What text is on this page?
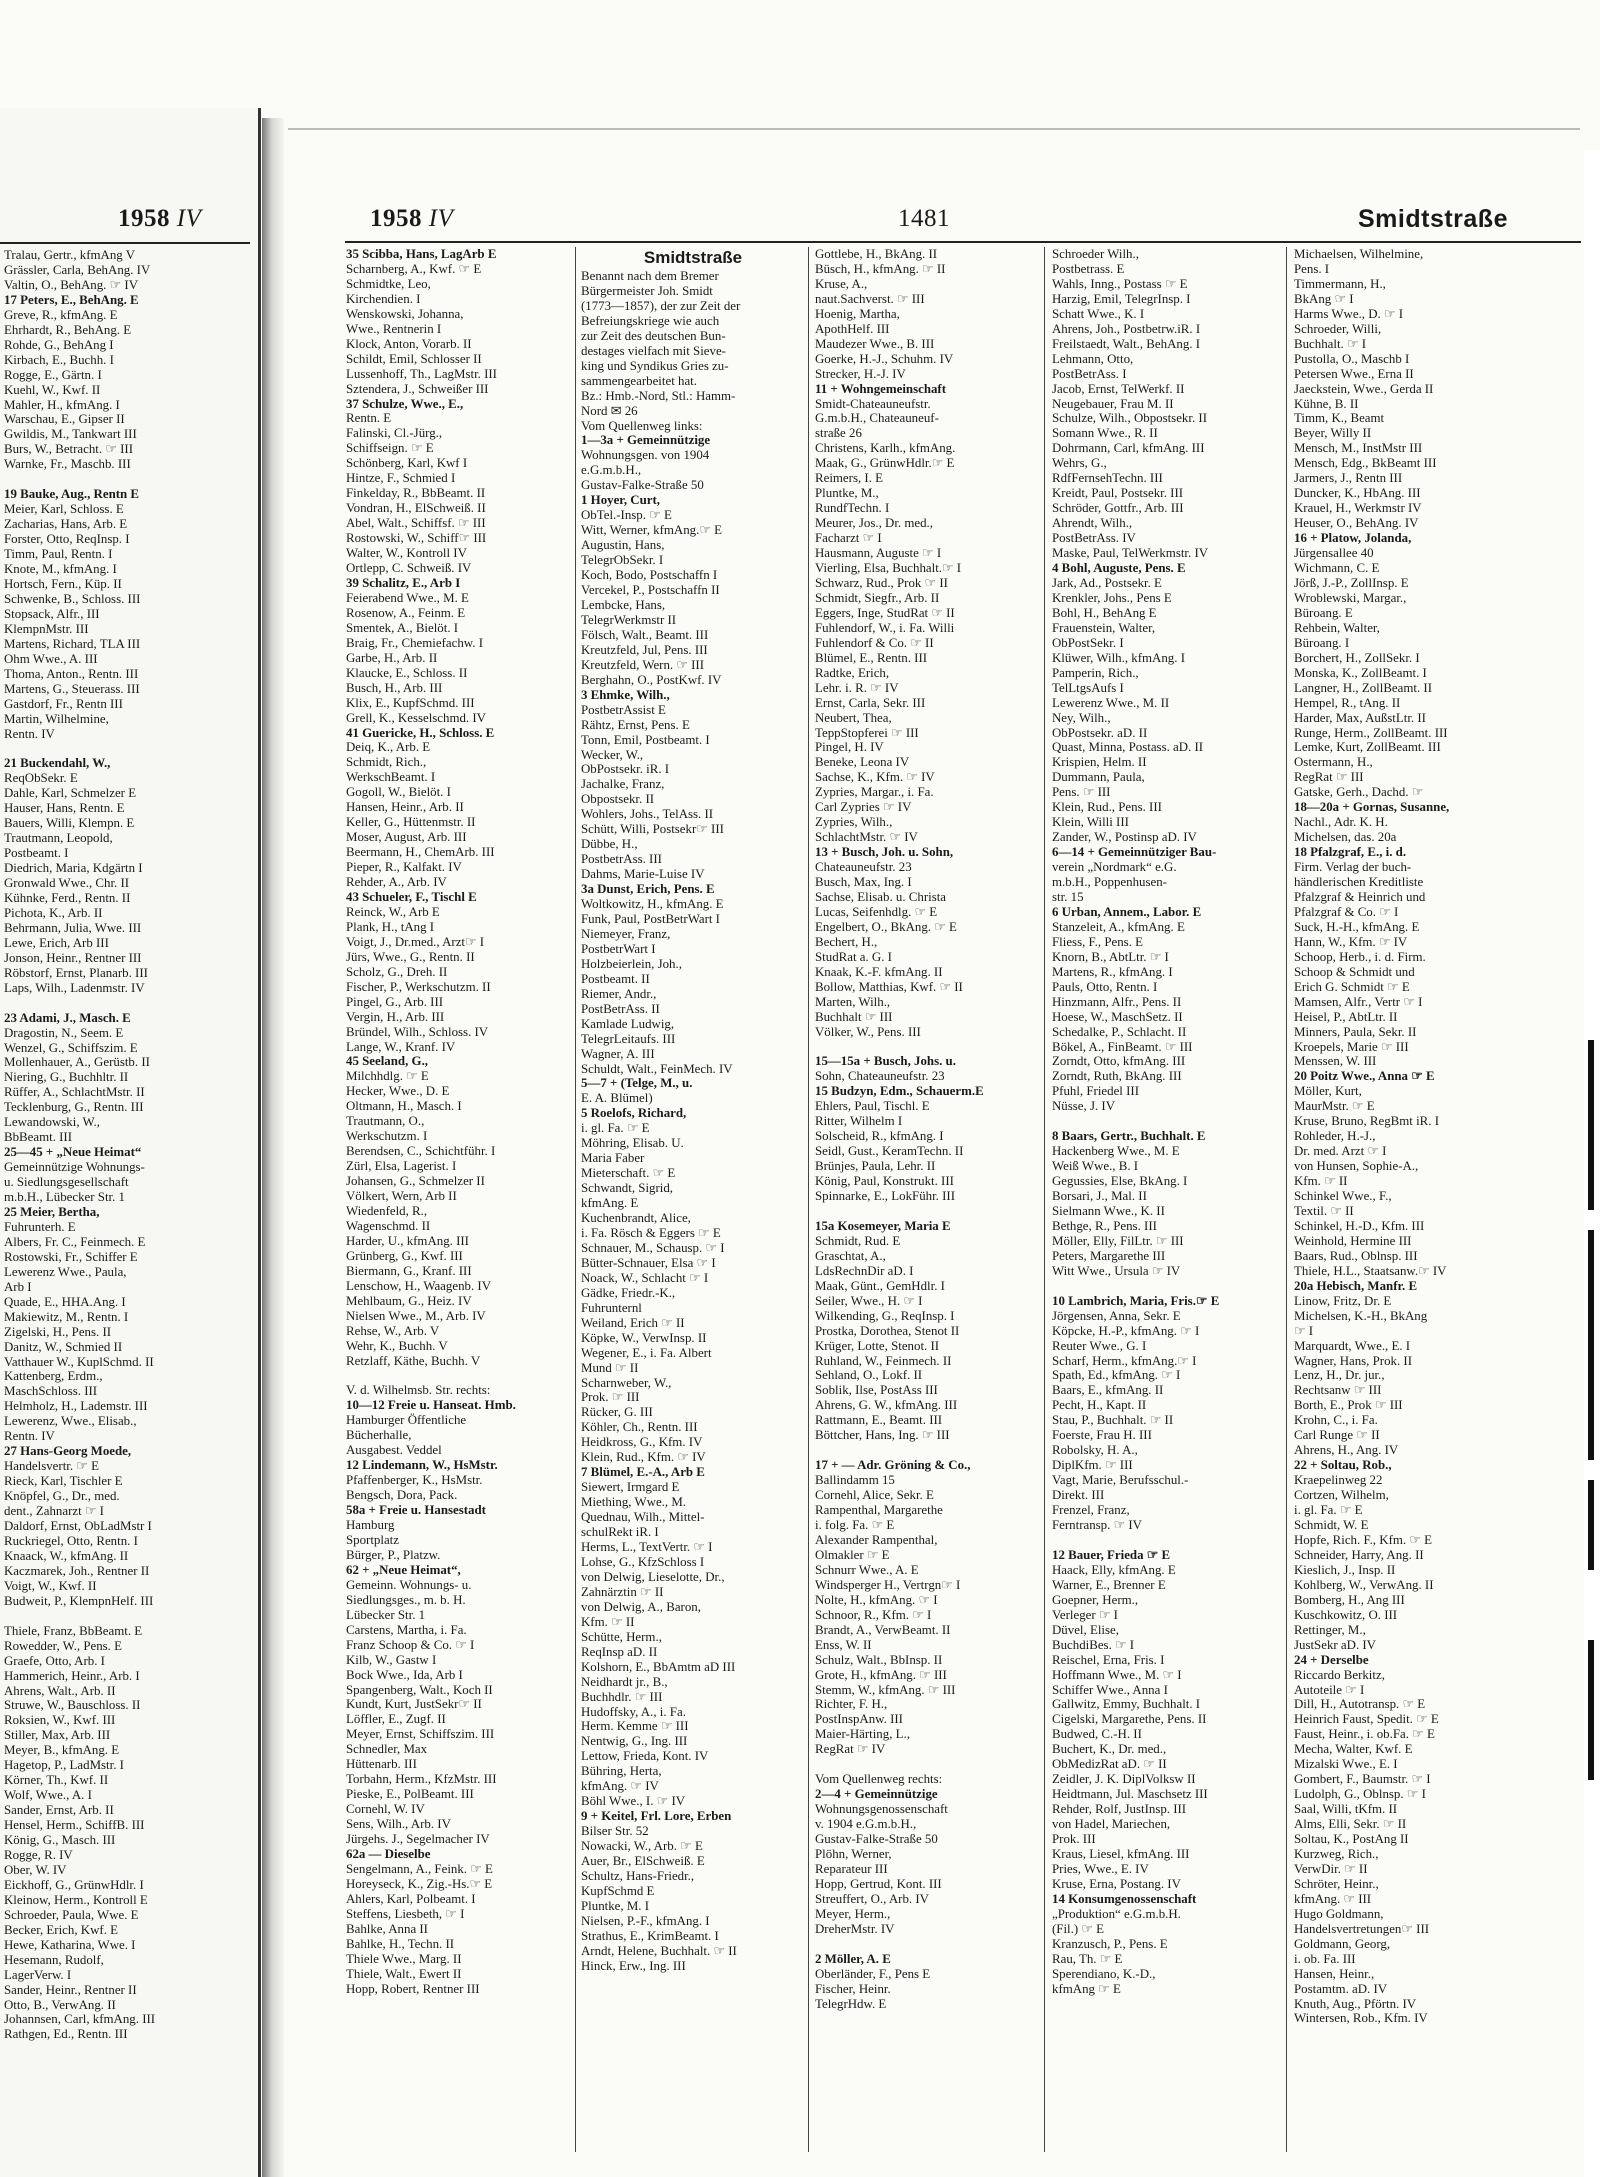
1958 IV
Tralau, Gertr., kfmAng V
Grässler, Carla, BehAng. IV
Valtin, O., BehAng. ☞ IV
17 Peters, E., BehAng. E
Greve, R., kfmAng. E
Ehrhardt, R., BehAng. E
Rohde, G., BehAng I
Kirbach, E., Buchh. I
Rogge, E., Gärtn. I
Kuehl, W., Kwf. II
Mahler, H., kfmAng. I
Warschau, E., Gipser II
Gwildis, M., Tankwart III
Burs, W., Betracht. ☞ III
Warnke, Fr., Maschb. III

19 Bauke, Aug., Rentn E
Meier, Karl, Schloss. E
Zacharias, Hans, Arb. E
Forster, Otto, ReqInsp. I
Timm, Paul, Rentn. I
Knote, M., kfmAng. I
Hortsch, Fern., Küp. II
Schwenke, B., Schloss. III
Stopsack, Alfr., III
KlempnMstr. III
Martens, Richard, TLA III
Ohm Wwe., A. III
Thoma, Anton., Rentn. III
Martens, G., Steuerass. III
Gastdorf, Fr., Rentn III
Martin, Wilhelmine,
Rentn. IV

21 Buckendahl, W.,
ReqObSekr. E
Dahle, Karl, Schmelzer E
Hauser, Hans, Rentn. E
Bauers, Willi, Klempn. E
Trautmann, Leopold,
Postbeamt. I
Diedrich, Maria, Kdgärtn I
Gronwald Wwe., Chr. II
Kühnke, Ferd., Rentn. II
Pichota, K., Arb. II
Behrmann, Julia, Wwe. III
Lewe, Erich, Arb III
Jonson, Heinr., Rentner III
Röbstorf, Ernst, Planarb. III
Laps, Wilh., Ladenmstr. IV

23 Adami, J., Masch. E
Dragostin, N., Seem. E
Wenzel, G., Schiffszim. E
Mollenhauer, A., Gerüstb. II
Niering, G., Buchhltr. II
Rüffer, A., SchlachtMstr. II
Tecklenburg, G., Rentn. III
Lewandowski, W.,
BbBeamt. III
25—45 + „Neue Heimat“
Gemeinnützige Wohnungs-
u. Siedlungsgesellschaft
m.b.H., Lübecker Str. 1
25 Meier, Bertha,
Fuhrunterh. E
Albers, Fr. C., Feinmech. E
Rostowski, Fr., Schiffer E
Lewerenz Wwe., Paula,
Arb I
Quade, E., HHA.Ang. I
Makiewitz, M., Rentn. I
Zigelski, H., Pens. II
Danitz, W., Schmied II
Vatthauer W., KuplSchmd. II
Kattenberg, Erdm.,
MaschSchloss. III
Helmholz, H., Lademstr. III
Lewerenz, Wwe., Elisab.,
Rentn. IV
27 Hans-Georg Moede,
Handelsvertr. ☞ E
Rieck, Karl, Tischler E
Knöpfel, G., Dr., med.
dent., Zahnarzt ☞ I
Daldorf, Ernst, ObLadMstr I
Ruckriegel, Otto, Rentn. I
Knaack, W., kfmAng. II
Kaczmarek, Joh., Rentner II
Voigt, W., Kwf. II
Budweit, P., KlempnHelf. III

Thiele, Franz, BbBeamt. E
Rowedder, W., Pens. E
Graefe, Otto, Arb. I
Hammerich, Heinr., Arb. I
Ahrens, Walt., Arb. II
Struwe, W., Bauschloss. II
Roksien, W., Kwf. III
Stiller, Max, Arb. III
Meyer, B., kfmAng. E
Hagetop, P., LadMstr. I
Körner, Th., Kwf. II
Wolf, Wwe., A. I
Sander, Ernst, Arb. II
Hensel, Herm., SchiffB. III
König, G., Masch. III
Rogge, R. IV
Ober, W. IV
Eickhoff, G., GrünwHdlr. I
Kleinow, Herm., Kontroll E
Schroeder, Paula, Wwe. E
Becker, Erich, Kwf. E
Hewe, Katharina, Wwe. I
Hesemann, Rudolf,
LagerVerw. I
Sander, Heinr., Rentner II
Otto, B., VerwAng. II
Johannsen, Carl, kfmAng. III
Rathgen, Ed., Rentn. III
1958 IV	1481	Smidtstraße
35 Scibba, Hans, LagArb E
Scharnberg, A., Kwf. ☞ E
Schmidtke, Leo,
Kirchendien. I
Wenskowski, Johanna,
Wwe., Rentnerin I
Klock, Anton, Vorarb. II
Schildt, Emil, Schlosser II
Lussenhoff, Th., LagMstr. III
Sztendera, J., Schweißer III
37 Schulze, Wwe., E.,
Rentn. E
Falinski, Cl.-Jürg.,
Schiffseign. ☞ E
Schönberg, Karl, Kwf I
Hintze, F., Schmied I
Finkelday, R., BbBeamt. II
Vondran, H., ElSchweiß. II
Abel, Walt., Schiffsf. ☞ III
Rostowski, W., Schiff☞ III
Walter, W., Kontroll IV
Ortlepp, C. Schweiß. IV
39 Schalitz, E., Arb I
Feierabend Wwe., M. E
Rosenow, A., Feinm. E
Smentek, A., Bielöt. I
Braig, Fr., Chemiefachw. I
Garbe, H., Arb. II
Klaucke, E., Schloss. II
Busch, H., Arb. III
Klix, E., KupfSchmd. III
Grell, K., Kesselschmd. IV
41 Guericke, H., Schloss. E
Deiq, K., Arb. E
Schmidt, Rich.,
WerkschBeamt. I
Gogoll, W., Bielöt. I
Hansen, Heinr., Arb. II
Keller, G., Hüttenmstr. II
Moser, August, Arb. III
Beermann, H., ChemArb. III
Pieper, R., Kalfakt. IV
Rehder, A., Arb. IV
43 Schueler, F., Tischl E
Reinck, W., Arb E
Plank, H., tAng I
Voigt, J., Dr.med., Arzt☞ I
Jürs, Wwe., G., Rentn. II
Scholz, G., Dreh. II
Fischer, P., Werkschutzm. II
Pingel, G., Arb. III
Vergin, H., Arb. III
Bründel, Wilh., Schloss. IV
Lange, W., Kranf. IV
45 Seeland, G.,
Milchhdlg. ☞ E
Hecker, Wwe., D. E
Oltmann, H., Masch. I
Trautmann, O.,
Werkschutzm. I
Berendsen, C., Schichtführ. I
Zürl, Elsa, Lagerist. I
Johansen, G., Schmelzer II
Völkert, Wern, Arb II
Wiedenfeld, R.,
Wagenschmd. II
Harder, U., kfmAng. III
Grünberg, G., Kwf. III
Biermann, G., Kranf. III
Lenschow, H., Waagenb. IV
Mehlbaum, G., Heiz. IV
Nielsen Wwe., M., Arb. IV
Rehse, W., Arb. V
Wehr, K., Buchh. V
Retzlaff, Käthe, Buchh. V

V. d. Wilhelmsb. Str. rechts:
10—12 Freie u. Hanseat. Hmb.
Hamburger Öffentliche
Bücherhalle,
Ausgabest. Veddel
12 Lindemann, W., HsMstr.
Pfaffenberger, K., HsMstr.
Bengsch, Dora, Pack.
58a + Freie u. Hansestadt
Hamburg
Sportplatz
Bürger, P., Platzw.
62 + „Neue Heimat“,
Gemeinn. Wohnungs- u.
Siedlungsges., m. b. H.
Lübecker Str. 1
Carstens, Martha, i. Fa.
Franz Schoop & Co. ☞ I
Kilb, W., Gastw I
Bock Wwe., Ida, Arb I
Spangenberg, Walt., Koch II
Kundt, Kurt, JustSekr☞ II
Löffler, E., Zugf. II
Meyer, Ernst, Schiffszim. III
Schnedler, Max
Hüttenarb. III
Torbahn, Herm., KfzMstr. III
Pieske, E., PolBeamt. III
Cornehl, W. IV
Sens, Wilh., Arb. IV
Jürgehs. J., Segelmacher IV
62a — Dieselbe
Sengelmann, A., Feink. ☞ E
Horeyseck, K., Zig.-Hs.☞ E
Ahlers, Karl, Polbeamt. I
Steffens, Liesbeth, ☞ I
Bahlke, Anna II
Bahlke, H., Techn. II
Thiele Wwe., Marg. II
Thiele, Walt., Ewert II
Hopp, Robert, Rentner III
Smidtstraße
Benannt nach dem Bremer
Bürgermeister Joh. Smidt
(1773—1857), der zur Zeit der
Befreiungskriege wie auch
zur Zeit des deutschen Bun-
destages vielfach mit Sieve-
king und Syndikus Gries zu-
sammengearbeitet hat.
Bz.: Hmb.-Nord, Stl.: Hamm-
Nord ✉ 26
Vom Quellenweg links:
1—3a + Gemeinnützige
Wohnungsgen. von 1904
e.G.m.b.H.,
Gustav-Falke-Straße 50
1 Hoyer, Curt,
ObTel.-Insp. ☞ E
Witt, Werner, kfmAng.☞ E
Augustin, Hans,
TelegrObSekr. I
Koch, Bodo, Postschaffn I
Vercekel, P., Postschaffn II
Lembcke, Hans,
TelegrWerkmstr II
Fölsch, Walt., Beamt. III
Kreutzfeld, Jul, Pens. III
Kreutzfeld, Wern. ☞ III
Berghahn, O., PostKwf. IV
3 Ehmke, Wilh.,
PostbetrAssist E
Rähtz, Ernst, Pens. E
Tonn, Emil, Postbeamt. I
Wecker, W.,
ObPostsekr. iR. I
Jachalke, Franz,
Obpostsekr. II
Wohlers, Johs., TelAss. II
Schütt, Willi, Postsekr☞ III
Dübbe, H.,
PostbetrAss. III
Dahms, Marie-Luise IV
3a Dunst, Erich, Pens. E
Woltkowitz, H., kfmAng. E
Funk, Paul, PostBetrWart I
Niemeyer, Franz,
PostbetrWart I
Holzbeierlein, Joh.,
Postbeamt. II
Riemer, Andr.,
PostBetrAss. II
Kamlade Ludwig,
TelegrLeitaufs. III
Wagner, A. III
Schuldt, Walt., FeinMech. IV
5—7 + (Telge, M., u.
E. A. Blümel)
5 Roelofs, Richard,
i. gl. Fa. ☞ E
Möhring, Elisab. U.
Maria Faber
Mieterschaft. ☞ E
Schwandt, Sigrid,
kfmAng. E
Kuchenbrandt, Alice,
i. Fa. Rösch & Eggers ☞ E
Schnauer, M., Schausp. ☞ I
Bütter-Schnauer, Elsa ☞ I
Noack, W., Schlacht ☞ I
Gädke, Friedr.-K.,
Fuhrunternl
Weiland, Erich ☞ II
Köpke, W., VerwInsp. II
Wegener, E., i. Fa. Albert
Mund ☞ II
Scharnweber, W.,
Prok. ☞ III
Rücker, G. III
Köhler, Ch., Rentn. III
Heidkross, G., Kfm. IV
Klein, Rud., Kfm. ☞ IV
7 Blümel, E.-A., Arb E
Siewert, Irmgard E
Miething, Wwe., M.
Quednau, Wilh., Mittel-
schulRekt iR. I
Herms, L., TextVertr. ☞ I
Lohse, G., KfzSchloss I
von Delwig, Lieselotte, Dr.,
Zahnärztin ☞ II
von Delwig, A., Baron,
Kfm. ☞ II
Schütte, Herm.,
ReqInsp aD. II
Kolshorn, E., BbAmtm aD III
Neidhardt jr., B.,
Buchhdlr. ☞ III
Hudoffsky, A., i. Fa.
Herm. Kemme ☞ III
Nentwig, G., Ing. III
Lettow, Frieda, Kont. IV
Bühring, Herta,
kfmAng. ☞ IV
Böhl Wwe., I. ☞ IV
9 + Keitel, Frl. Lore, Erben
Bilser Str. 52
Nowacki, W., Arb. ☞ E
Auer, Br., ElSchweiß. E
Schultz, Hans-Friedr.,
KupfSchmd E
Pluntke, M. I
Nielsen, P.-F., kfmAng. I
Strathus, E., KrimBeamt. I
Arndt, Helene, Buchhalt. ☞ II
Hinck, Erw., Ing. III
Gottlebe, H., BkAng. II
Büsch, H., kfmAng. ☞ II
Kruse, A.,
naut.Sachverst. ☞ III
Hoenig, Martha,
ApothHelf. III
Maudezer Wwe., B. III
Goerke, H.-J., Schuhm. IV
Strecker, H.-J. IV
11 + Wohngemeinschaft
Smidt-Chateauneufstr.
G.m.b.H., Chateauneuf-
straße 26
Christens, Karlh., kfmAng.
Maak, G., GrünwHdlr.☞ E
Reimers, I. E
Pluntke, M.,
RundfTechn. I
Meurer, Jos., Dr. med.,
Facharzt ☞ I
Hausmann, Auguste ☞ I
Vierling, Elsa, Buchhalt.☞ I
Schwarz, Rud., Prok ☞ II
Schmidt, Siegfr., Arb. II
Eggers, Inge, StudRat ☞ II
Fuhlendorf, W., i. Fa. Willi
Fuhlendorf & Co. ☞ II
Blümel, E., Rentn. III
Radtke, Erich,
Lehr. i. R. ☞ IV
Ernst, Carla, Sekr. III
Neubert, Thea,
TeppStopferei ☞ III
Pingel, H. IV
Beneke, Leona IV
Sachse, K., Kfm. ☞ IV
Zypries, Margar., i. Fa.
Carl Zypries ☞ IV
Zypries, Wilh.,
SchlachtMstr. ☞ IV
13 + Busch, Joh. u. Sohn,
Chateauneufstr. 23
Busch, Max, Ing. I
Sachse, Elisab. u. Christa
Lucas, Seifenhdlg. ☞ E
Engelbert, O., BkAng. ☞ E
Bechert, H.,
StudRat a. G. I
Knaak, K.-F. kfmAng. II
Bollow, Matthias, Kwf. ☞ II
Marten, Wilh.,
Buchhalt ☞ III
Völker, W., Pens. III

15—15a + Busch, Johs. u.
Sohn, Chateauneufstr. 23
15 Budzyn, Edm., Schauerm.E
Ehlers, Paul, Tischl. E
Ritter, Wilhelm I
Solscheid, R., kfmAng. I
Seidl, Gust., KeramTechn. II
Brünjes, Paula, Lehr. II
König, Paul, Konstrukt. III
Spinnarke, E., LokFühr. III

15a Kosemeyer, Maria E
Schmidt, Rud. E
Graschtat, A.,
LdsRechnDir aD. I
Maak, Günt., GemHdlr. I
Seiler, Wwe., H. ☞ I
Wilkending, G., ReqInsp. I
Prostka, Dorothea, Stenot II
Krüger, Lotte, Stenot. II
Ruhland, W., Feinmech. II
Sehland, O., Lokf. II
Soblik, Ilse, PostAss III
Ahrens, G. W., kfmAng. III
Rattmann, E., Beamt. III
Böttcher, Hans, Ing. ☞ III

17 + — Adr. Gröning & Co.,
Ballindamm 15
Cornehl, Alice, Sekr. E
Rampenthal, Margarethe
i. folg. Fa. ☞ E
Alexander Rampenthal,
Olmakler ☞ E
Schnurr Wwe., A. E
Windsperger H., Vertrgn☞ I
Nolte, H., kfmAng. ☞ I
Schnoor, R., Kfm. ☞ I
Brandt, A., VerwBeamt. II
Enss, W. II
Schulz, Walt., BbInsp. II
Grote, H., kfmAng. ☞ III
Stemm, W., kfmAng. ☞ III
Richter, F. H.,
PostInspAnw. III
Maier-Härting, L.,
RegRat ☞ IV

Vom Quellenweg rechts:
2—4 + Gemeinnützige
Wohnungsgenossenschaft
v. 1904 e.G.m.b.H.,
Gustav-Falke-Straße 50
Plöhn, Werner,
Reparateur III
Hopp, Gertrud, Kont. III
Streuffert, O., Arb. IV
Meyer, Herm.,
DreherMstr. IV

2 Möller, A. E
Oberländer, F., Pens E
Fischer, Heinr.
TelegrHdw. E
Schroeder Wilh.,
Postbetrass. E
Wahls, Inng., Postass ☞ E
Harzig, Emil, TelegrInsp. I
Schatt Wwe., K. I
Ahrens, Joh., Postbetrw.iR. I
Freilstaedt, Walt., BehAng. I
Lehmann, Otto,
PostBetrAss. I
Jacob, Ernst, TelWerkf. II
Neugebauer, Frau M. II
Schulze, Wilh., Obpostsekr. II
Somann Wwe., R. II
Dohrmann, Carl, kfmAng. III
Wehrs, G.,
RdfFernsehTechn. III
Kreidt, Paul, Postsekr. III
Schröder, Gottfr., Arb. III
Ahrendt, Wilh.,
PostBetrAss. IV
Maske, Paul, TelWerkmstr. IV
4 Bohl, Auguste, Pens. E
Jark, Ad., Postsekr. E
Krenkler, Johs., Pens E
Bohl, H., BehAng E
Frauenstein, Walter,
ObPostSekr. I
Klüwer, Wilh., kfmAng. I
Pamperin, Rich.,
TelLtgsAufs I
Lewerenz Wwe., M. II
Ney, Wilh.,
ObPostsekr. aD. II
Quast, Minna, Postass. aD. II
Krispien, Helm. II
Dummann, Paula,
Pens. ☞ III
Klein, Rud., Pens. III
Klein, Willi III
Zander, W., Postinsp aD. IV
6—14 + Gemeinnütziger Bau-
verein „Nordmark“ e.G.
m.b.H., Poppenhusen-
str. 15
6 Urban, Annem., Labor. E
Stanzeleit, A., kfmAng. E
Fliess, F., Pens. E
Knorn, B., AbtLtr. ☞ I
Martens, R., kfmAng. I
Pauls, Otto, Rentn. I
Hinzmann, Alfr., Pens. II
Hoese, W., MaschSetz. II
Schedalke, P., Schlacht. II
Bökel, A., FinBeamt. ☞ III
Zorndt, Otto, kfmAng. III
Zorndt, Ruth, BkAng. III
Pfuhl, Friedel III
Nüsse, J. IV

8 Baars, Gertr., Buchhalt. E
Hackenberg Wwe., M. E
Weiß Wwe., B. I
Gegussies, Else, BkAng. I
Borsari, J., Mal. II
Sielmann Wwe., K. II
Bethge, R., Pens. III
Möller, Elly, FilLtr. ☞ III
Peters, Margarethe III
Witt Wwe., Ursula ☞ IV

10 Lambrich, Maria, Fris.☞ E
Jörgensen, Anna, Sekr. E
Köpcke, H.-P., kfmAng. ☞ I
Reuter Wwe., G. I
Scharf, Herm., kfmAng.☞ I
Spath, Ed., kfmAng. ☞ I
Baars, E., kfmAng. II
Pecht, H., Kapt. II
Stau, P., Buchhalt. ☞ II
Foerste, Frau H. III
Robolsky, H. A.,
DiplKfm. ☞ III
Vagt, Marie, Berufsschul.-
Direkt. III
Frenzel, Franz,
Ferntransp. ☞ IV

12 Bauer, Frieda ☞ E
Haack, Elly, kfmAng. E
Warner, E., Brenner E
Goepner, Herm.,
Verleger ☞ I
Düvel, Elise,
BuchdiBes. ☞ I
Reischel, Erna, Fris. I
Hoffmann Wwe., M. ☞ I
Schiffer Wwe., Anna I
Gallwitz, Emmy, Buchhalt. I
Cigelski, Margarethe, Pens. II
Budwed, C.-H. II
Buchert, K., Dr. med.,
ObMedizRat aD. ☞ II
Zeidler, J. K. DiplVolksw II
Heidtmann, Jul. Maschsetz III
Rehder, Rolf, JustInsp. III
von Hadel, Mariechen,
Prok. III
Kraus, Liesel, kfmAng. III
Pries, Wwe., E. IV
Kruse, Erna, Postang. IV
14 Konsumgenossenschaft
„Produktion“ e.G.m.b.H.
(Fil.) ☞ E
Kranzusch, P., Pens. E
Rau, Th. ☞ E
Sperendiano, K.-D.,
kfmAng ☞ E
Michaelsen, Wilhelmine,
Pens. I
Timmermann, H.,
BkAng ☞ I
Harms Wwe., D. ☞ I
Schroeder, Willi,
Buchhalt. ☞ I
Pustolla, O., Maschb I
Petersen Wwe., Erna II
Jaeckstein, Wwe., Gerda II
Kühne, B. II
Timm, K., Beamt
Beyer, Willy II
Mensch, M., InstMstr III
Mensch, Edg., BkBeamt III
Jarmers, J., Rentn III
Duncker, K., HbAng. III
Krauel, H., Werkmstr IV
Heuser, O., BehAng. IV
16 + Platow, Jolanda,
Jürgensallee 40
Wichmann, C. E
Jörß, J.-P., ZollInsp. E
Wroblewski, Margar.,
Büroang. E
Rehbein, Walter,
Büroang. I
Borchert, H., ZollSekr. I
Monska, K., ZollBeamt. I
Langner, H., ZollBeamt. II
Hempel, R., tAng. II
Harder, Max, AußstLtr. II
Runge, Herm., ZollBeamt. III
Lemke, Kurt, ZollBeamt. III
Ostermann, H.,
RegRat ☞ III
Gatske, Gerh., Dachd. ☞
18—20a + Gornas, Susanne,
Nachl., Adr. K. H.
Michelsen, das. 20a
18 Pfalzgraf, E., i. d.
Firm. Verlag der buch-
händlerischen Kreditliste
Pfalzgraf & Heinrich und
Pfalzgraf & Co. ☞ I
Suck, H.-H., kfmAng. E
Hann, W., Kfm. ☞ IV
Schoop, Herb., i. d. Firm.
Schoop & Schmidt und
Erich G. Schmidt ☞ E
Mamsen, Alfr., Vertr ☞ I
Heisel, P., AbtLtr. II
Minners, Paula, Sekr. II
Kroepels, Marie ☞ III
Menssen, W. III
20 Poitz Wwe., Anna ☞ E
Möller, Kurt,
MaurMstr. ☞ E
Kruse, Bruno, RegBmt iR. I
Rohleder, H.-J.,
Dr. med. Arzt ☞ I
von Hunsen, Sophie-A.,
Kfm. ☞ II
Schinkel Wwe., F.,
Textil. ☞ II
Schinkel, H.-D., Kfm. III
Weinhold, Hermine III
Baars, Rud., Oblnsp. III
Thiele, H.L., Staatsanw.☞ IV
20a Hebisch, Manfr. E
Linow, Fritz, Dr. E
Michelsen, K.-H., BkAng
☞ I
Marquardt, Wwe., E. I
Wagner, Hans, Prok. II
Lenz, H., Dr. jur.,
Rechtsanw ☞ III
Borth, E., Prok ☞ III
Krohn, C., i. Fa.
Carl Runge ☞ II
Ahrens, H., Ang. IV
22 + Soltau, Rob.,
Kraepelinweg 22
Cortzen, Wilhelm,
i. gl. Fa. ☞ E
Schmidt, W. E
Hopfe, Rich. F., Kfm. ☞ E
Schneider, Harry, Ang. II
Kieslich, J., Insp. II
Kohlberg, W., VerwAng. II
Bomberg, H., Ang III
Kuschkowitz, O. III
Rettinger, M.,
JustSekr aD. IV
24 + Derselbe
Riccardo Berkitz,
Autoteile ☞ I
Dill, H., Autotransp. ☞ E
Heinrich Faust, Spedit. ☞ E
Faust, Heinr., i. ob.Fa. ☞ E
Mecha, Walter, Kwf. E
Mizalski Wwe., E. I
Gombert, F., Baumstr. ☞ I
Ludolph, G., Oblnsp. ☞ I
Saal, Willi, tKfm. II
Alms, Elli, Sekr. ☞ II
Soltau, K., PostAng II
Kurzweg, Rich.,
VerwDir. ☞ II
Schröter, Heinr.,
kfmAng. ☞ III
Hugo Goldmann,
Handelsvertretungen☞ III
Goldmann, Georg,
i. ob. Fa. III
Hansen, Heinr.,
Postamtm. aD. IV
Knuth, Aug., Pförtn. IV
Wintersen, Rob., Kfm. IV
